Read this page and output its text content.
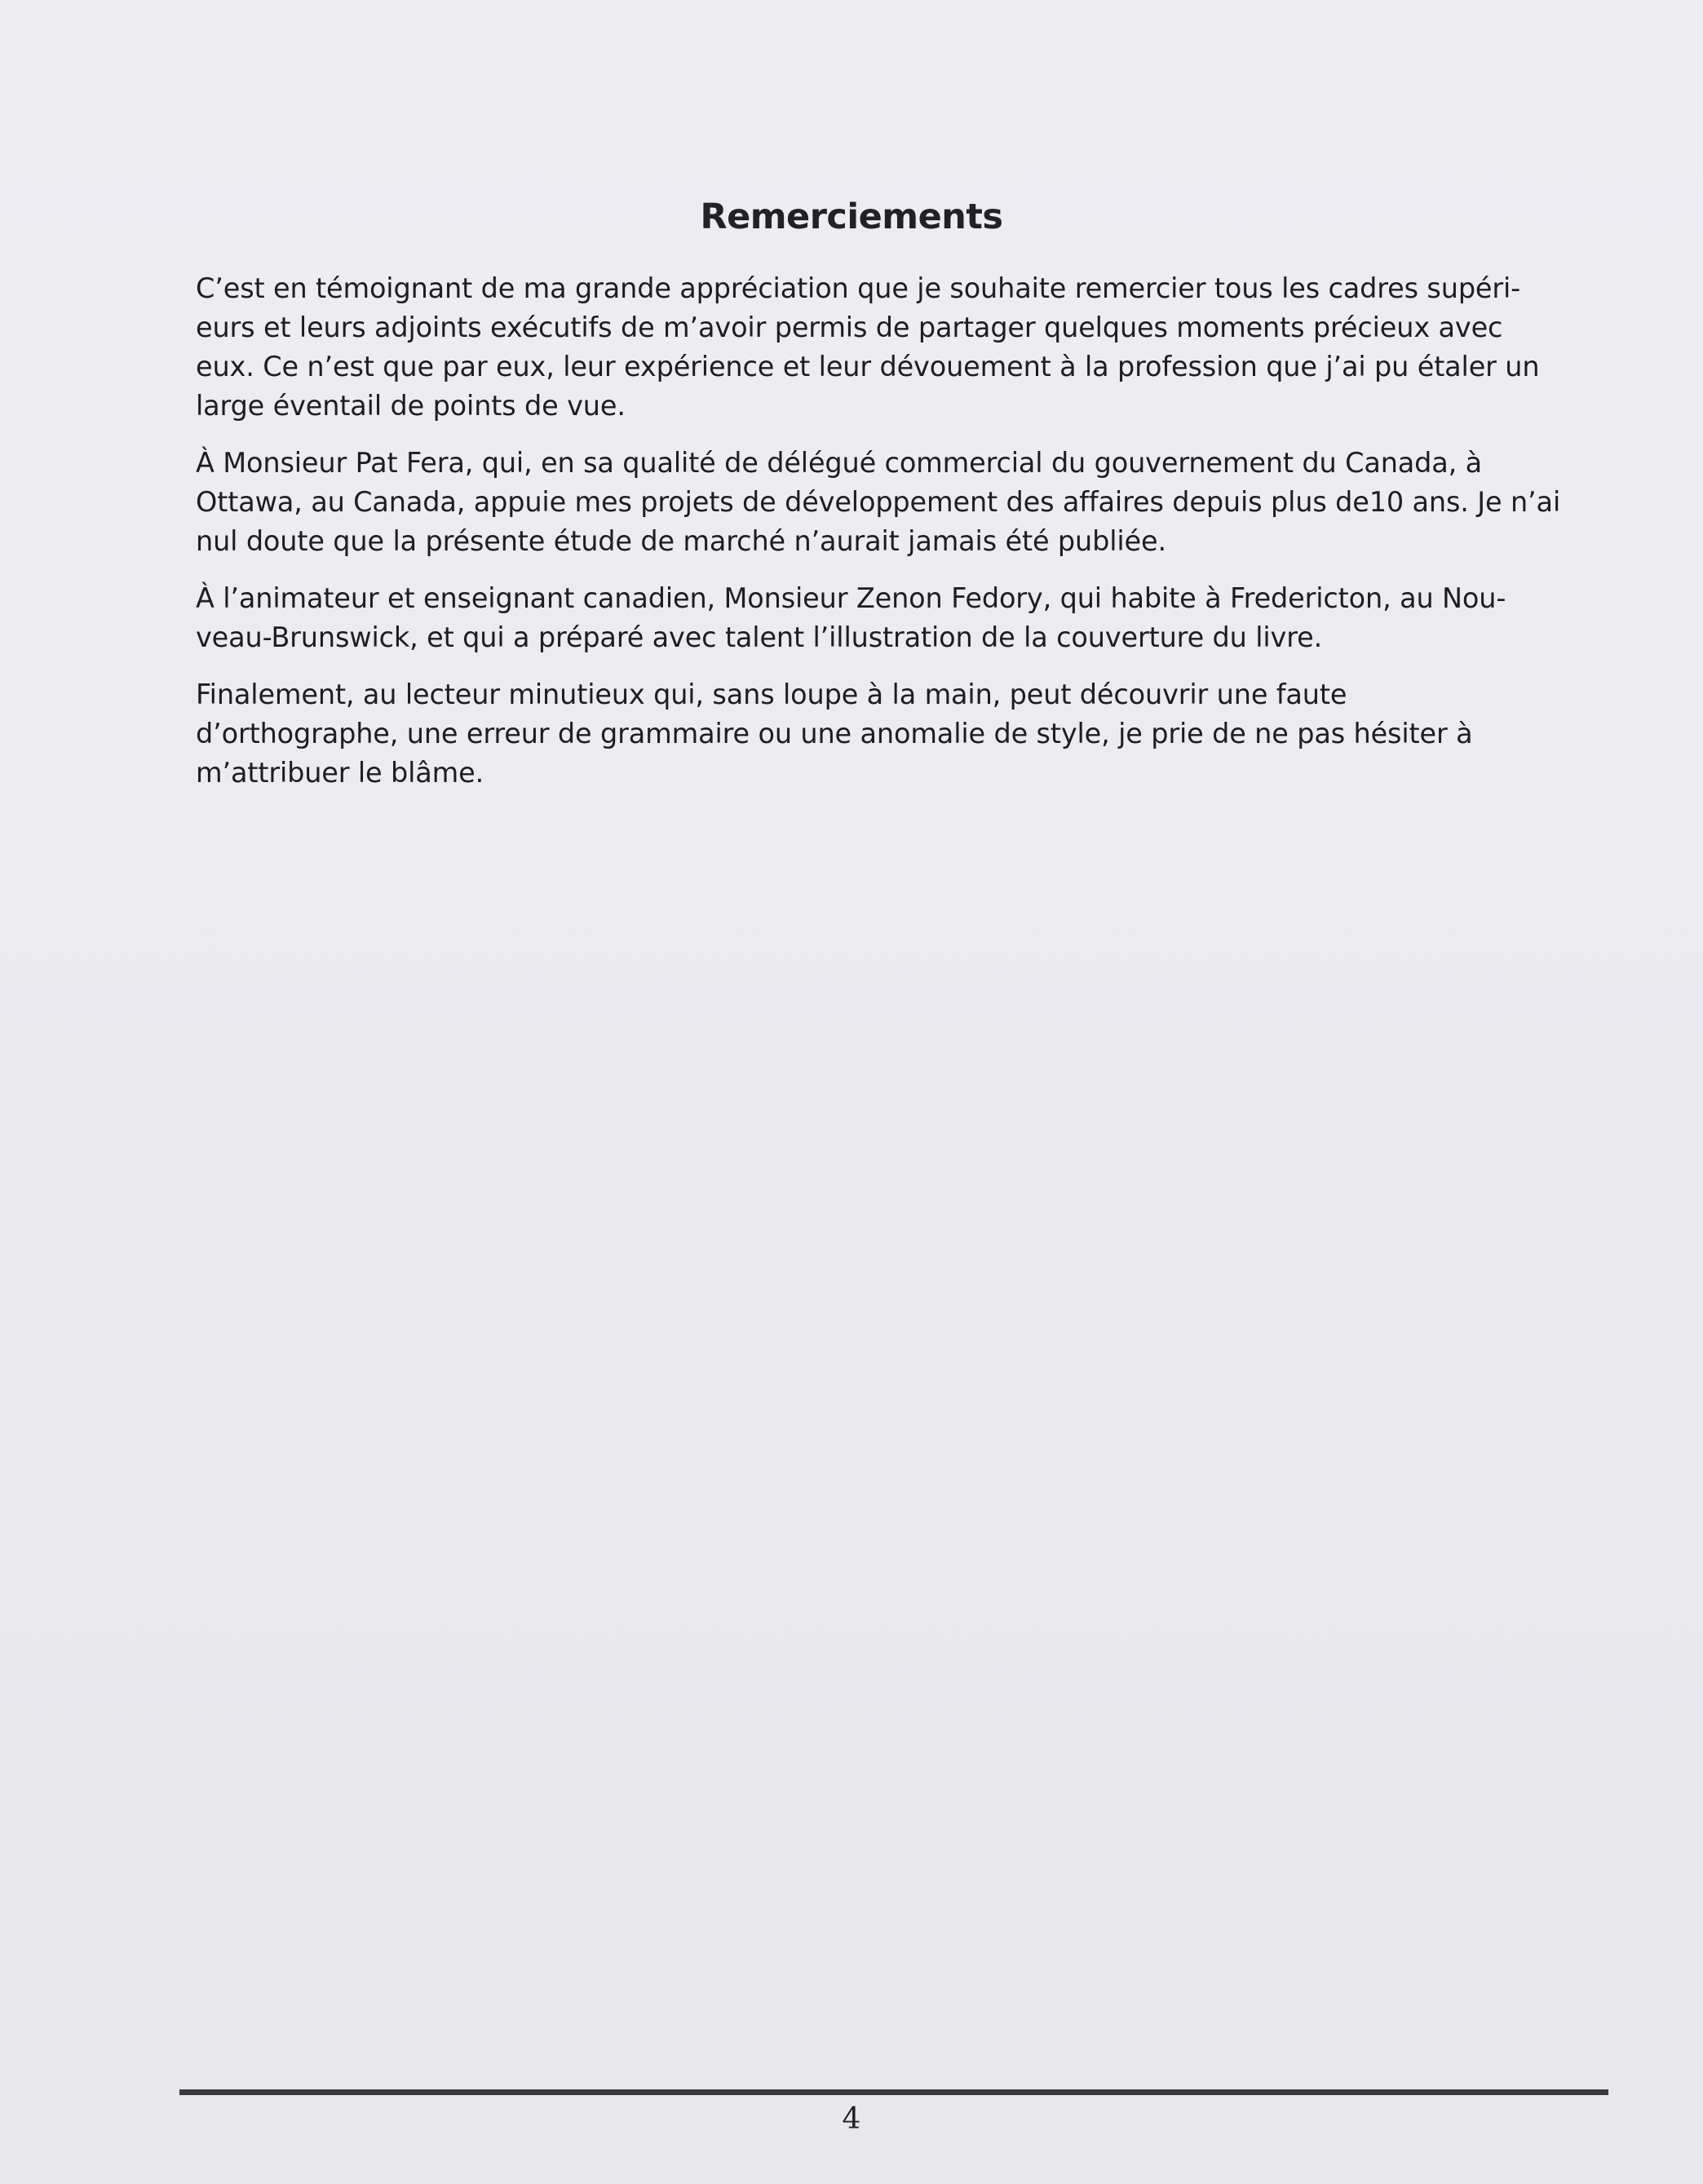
Remerciements

C’est en témoignant de ma grande appréciation que je souhaite remercier tous les cadres supéri-
eurs et leurs adjoints exécutifs de m’avoir permis de partager quelques moments précieux avec
eux. Ce n’est que par eux, leur expérience et leur dévouement à la profession que j’ai pu étaler un
large éventail de points de vue.

À Monsieur Pat Fera, qui, en sa qualité de délégué commercial du gouvernement du Canada, à
Ottawa, au Canada, appuie mes projets de développement des affaires depuis plus de10 ans. Je n’ai
nul doute que la présente étude de marché n’aurait jamais été publiée.

À l’animateur et enseignant canadien, Monsieur Zenon Fedory, qui habite à Fredericton, au Nou-
veau-Brunswick, et qui a préparé avec talent l’illustration de la couverture du livre.

Finalement, au lecteur minutieux qui, sans loupe à la main, peut découvrir une faute
d’orthographe, une erreur de grammaire ou une anomalie de style, je prie de ne pas hésiter à
m’attribuer le blâme.

4
